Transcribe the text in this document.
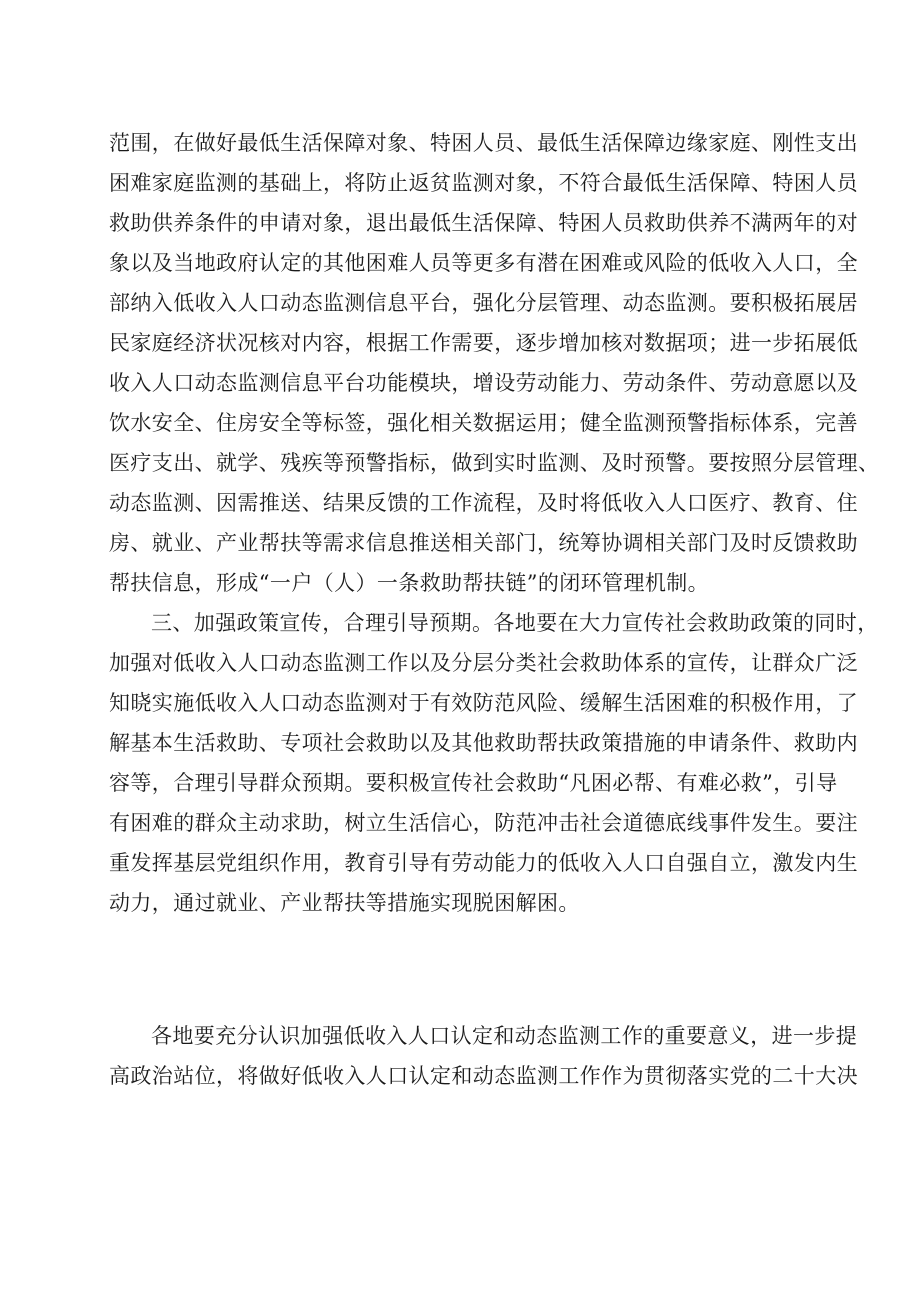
范围，在做好最低生活保障对象、特困人员、最低生活保障边缘家庭、刚性支出
困难家庭监测的基础上，将防止返贫监测对象，不符合最低生活保障、特困人员
救助供养条件的申请对象，退出最低生活保障、特困人员救助供养不满两年的对
象以及当地政府认定的其他困难人员等更多有潜在困难或风险的低收入人口，全
部纳入低收入人口动态监测信息平台，强化分层管理、动态监测。要积极拓展居
民家庭经济状况核对内容，根据工作需要，逐步增加核对数据项；进一步拓展低
收入人口动态监测信息平台功能模块，增设劳动能力、劳动条件、劳动意愿以及
饮水安全、住房安全等标签，强化相关数据运用；健全监测预警指标体系，完善
医疗支出、就学、残疾等预警指标，做到实时监测、及时预警。要按照分层管理、
动态监测、因需推送、结果反馈的工作流程，及时将低收入人口医疗、教育、住
房、就业、产业帮扶等需求信息推送相关部门，统筹协调相关部门及时反馈救助
帮扶信息，形成“一户（人）一条救助帮扶链”的闭环管理机制。
三、加强政策宣传，合理引导预期。各地要在大力宣传社会救助政策的同时，
加强对低收入人口动态监测工作以及分层分类社会救助体系的宣传，让群众广泛
知晓实施低收入人口动态监测对于有效防范风险、缓解生活困难的积极作用，了
解基本生活救助、专项社会救助以及其他救助帮扶政策措施的申请条件、救助内
容等，合理引导群众预期。要积极宣传社会救助“凡困必帮、有难必救”，引导
有困难的群众主动求助，树立生活信心，防范冲击社会道德底线事件发生。要注
重发挥基层党组织作用，教育引导有劳动能力的低收入人口自强自立，激发内生
动力，通过就业、产业帮扶等措施实现脱困解困。
各地要充分认识加强低收入人口认定和动态监测工作的重要意义，进一步提
高政治站位，将做好低收入人口认定和动态监测工作作为贯彻落实党的二十大决
